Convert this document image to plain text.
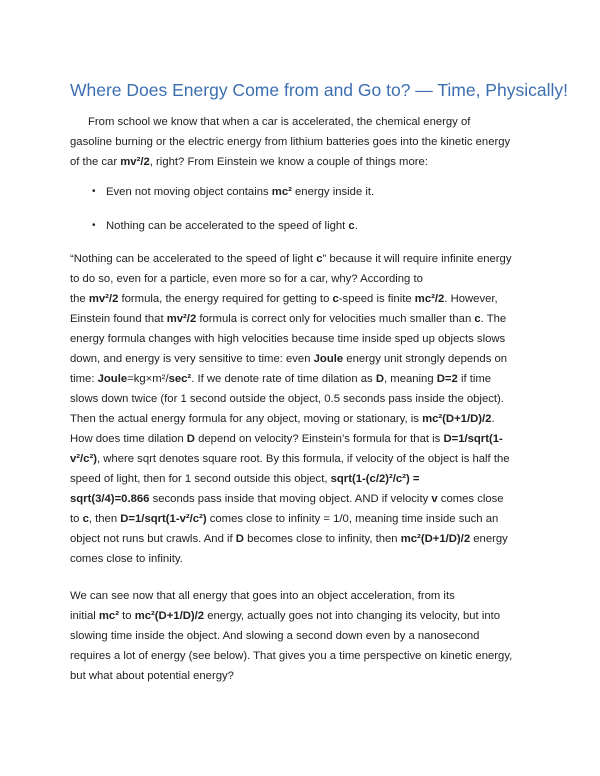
Where Does Energy Come from and Go to? — Time, Physically!
From school we know that when a car is accelerated, the chemical energy of
gasoline burning or the electric energy from lithium batteries goes into the kinetic energy
of the car mv²/2, right? From Einstein we know a couple of things more:
• Even not moving object contains mc² energy inside it.
• Nothing can be accelerated to the speed of light c.
“Nothing can be accelerated to the speed of light c” because it will require infinite energy
to do so, even for a particle, even more so for a car, why? According to
the mv²/2 formula, the energy required for getting to c-speed is finite mc²/2. However,
Einstein found that mv²/2 formula is correct only for velocities much smaller than c. The
energy formula changes with high velocities because time inside sped up objects slows
down, and energy is very sensitive to time: even Joule energy unit strongly depends on
time: Joule=kg×m²/sec². If we denote rate of time dilation as D, meaning D=2 if time
slows down twice (for 1 second outside the object, 0.5 seconds pass inside the object).
Then the actual energy formula for any object, moving or stationary, is mc²(D+1/D)/2.
How does time dilation D depend on velocity? Einstein’s formula for that is D=1/sqrt(1-
v²/c²), where sqrt denotes square root. By this formula, if velocity of the object is half the
speed of light, then for 1 second outside this object, sqrt(1-(c/2)²/c²) =
sqrt(3/4)=0.866 seconds pass inside that moving object. AND if velocity v comes close
to c, then D=1/sqrt(1-v²/c²) comes close to infinity = 1/0, meaning time inside such an
object not runs but crawls. And if D becomes close to infinity, then mc²(D+1/D)/2 energy
comes close to infinity.
We can see now that all energy that goes into an object acceleration, from its
initial mc² to mc²(D+1/D)/2 energy, actually goes not into changing its velocity, but into
slowing time inside the object. And slowing a second down even by a nanosecond
requires a lot of energy (see below). That gives you a time perspective on kinetic energy,
but what about potential energy?
